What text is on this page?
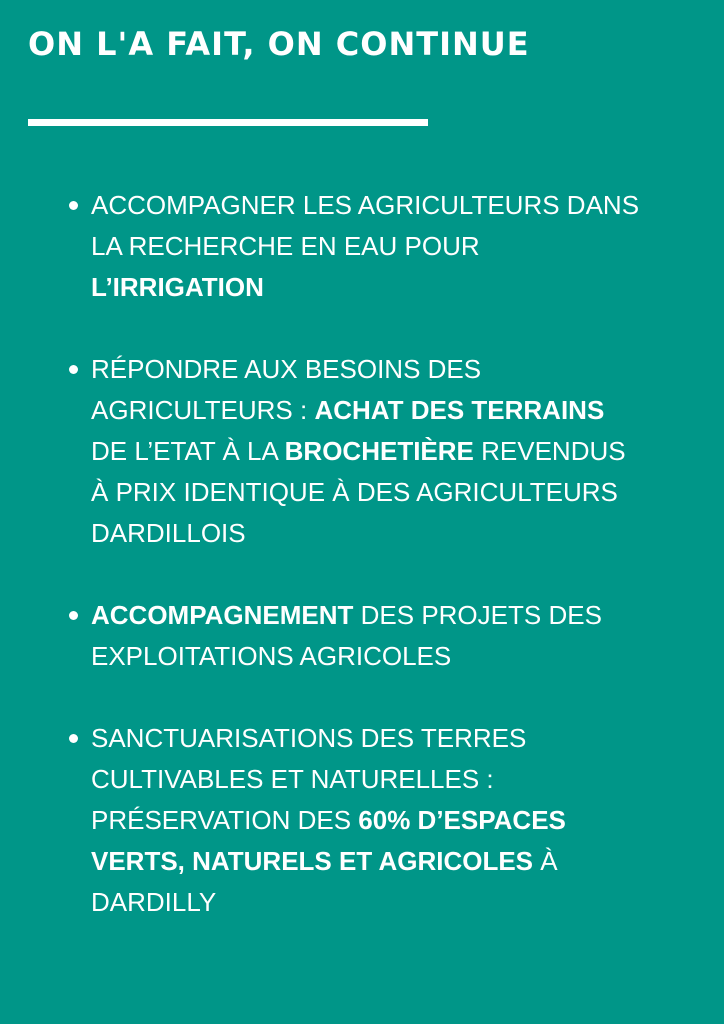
ON L'A FAIT, ON CONTINUE
ACCOMPAGNER LES AGRICULTEURS DANS LA RECHERCHE EN EAU POUR L’IRRIGATION
RÉPONDRE AUX BESOINS DES AGRICULTEURS : ACHAT DES TERRAINS DE L’ETAT À LA BROCHETIÈRE REVENDUS À PRIX IDENTIQUE À DES AGRICULTEURS DARDILLOIS
ACCOMPAGNEMENT DES PROJETS DES EXPLOITATIONS AGRICOLES
SANCTUARISATIONS DES TERRES CULTIVABLES ET NATURELLES : PRÉSERVATION DES 60% D’ESPACES VERTS, NATURELS ET AGRICOLES À DARDILLY
